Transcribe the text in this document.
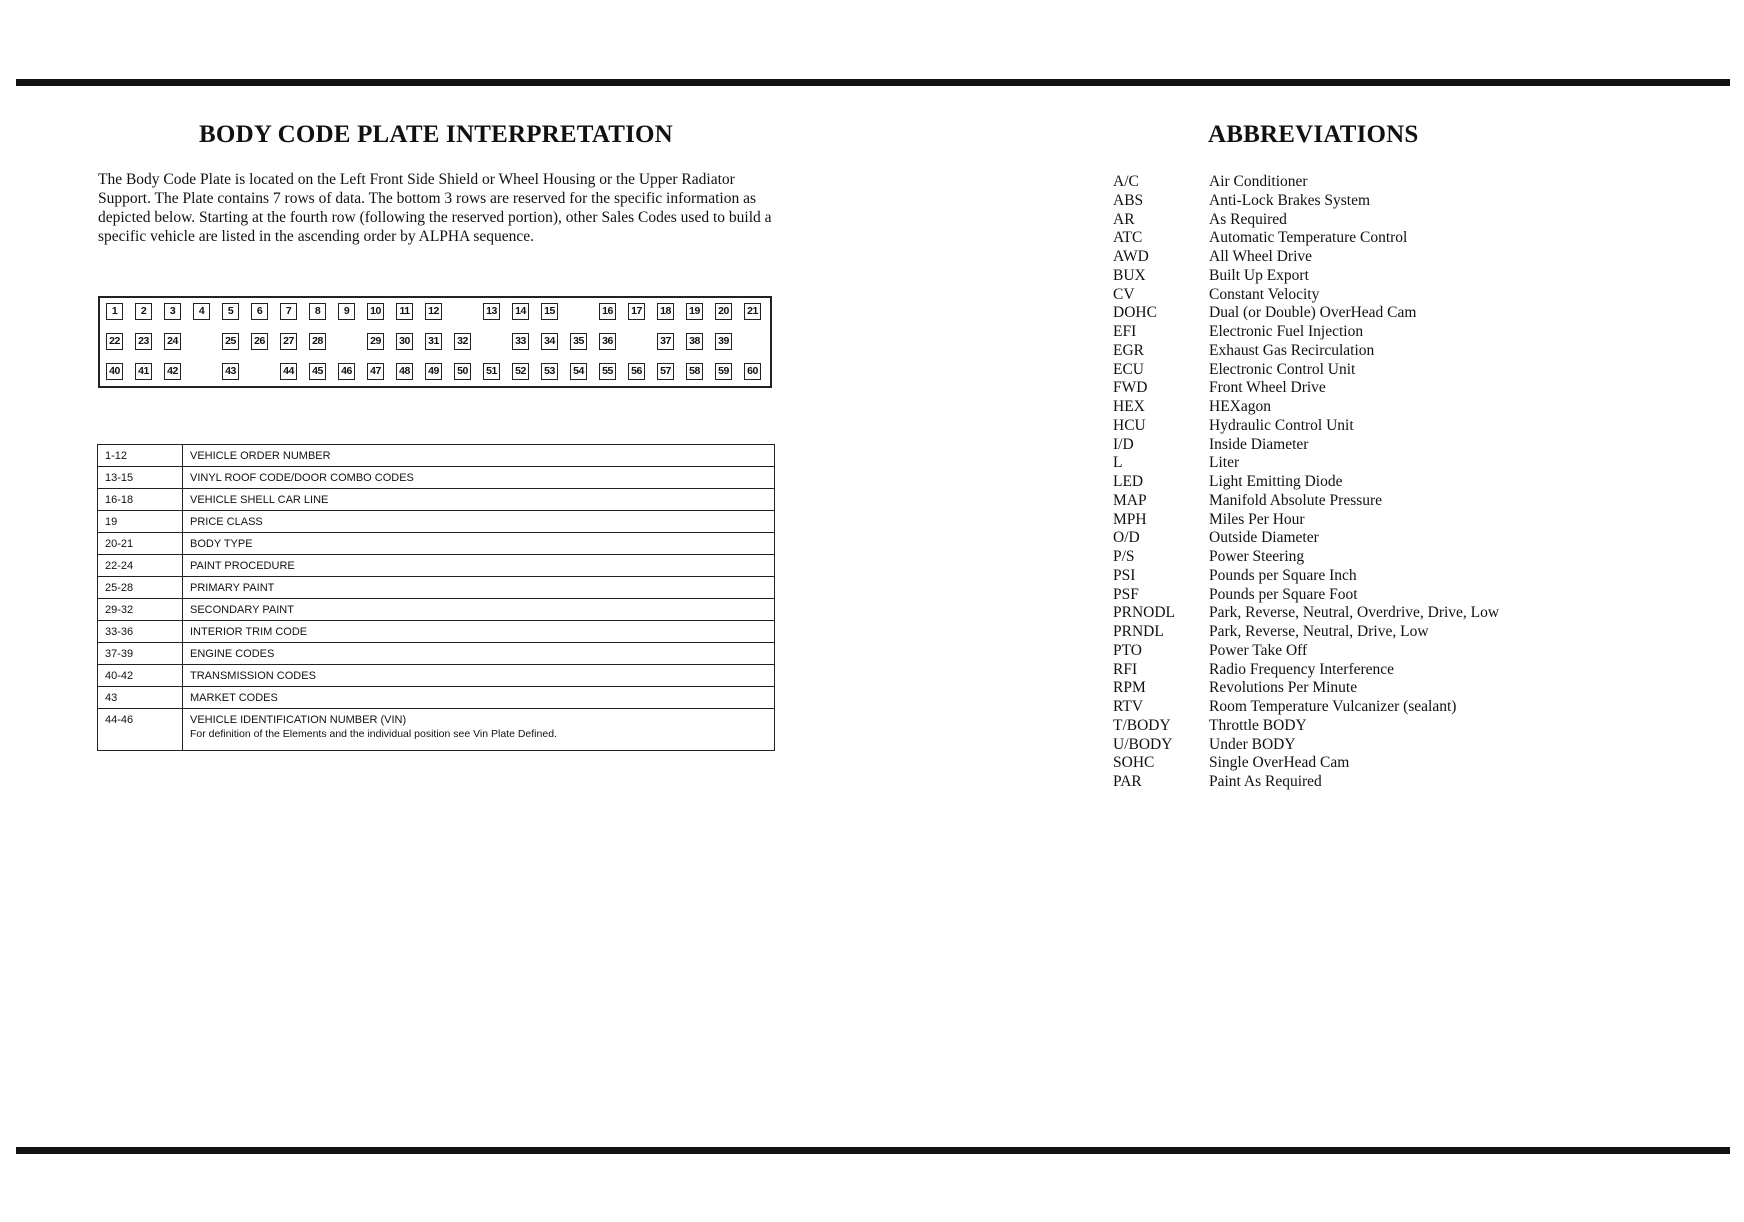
BODY CODE PLATE INTERPRETATION

The Body Code Plate is located on the Left Front Side Shield or Wheel Housing or the Upper Radiator Support. The Plate contains 7 rows of data. The bottom 3 rows are reserved for the specific information as depicted below. Starting at the fourth row (following the reserved portion), other Sales Codes used to build a specific vehicle are listed in the ascending order by ALPHA sequence.

1	2	3	4	5	6	7	8	9	10	11	12	13	14	15	16	17	18	19	20	21
22	23	24	25	26	27	28	29	30	31	32	33	34	35	36	37	38	39
40	41	42	43	44	45	46	47	48	49	50	51	52	53	54	55	56	57	58	59	60
1-12	VEHICLE ORDER NUMBER
13-15	VINYL ROOF CODE/DOOR COMBO CODES
16-18	VEHICLE SHELL CAR LINE
19	PRICE CLASS
20-21	BODY TYPE
22-24	PAINT PROCEDURE
25-28	PRIMARY PAINT
29-32	SECONDARY PAINT
33-36	INTERIOR TRIM CODE
37-39	ENGINE CODES
40-42	TRANSMISSION CODES
43	MARKET CODES
44-46	VEHICLE IDENTIFICATION NUMBER (VIN)
For definition of the Elements and the individual position see Vin Plate Defined.
ABBREVIATIONS
A/C	Air Conditioner
ABS	Anti-Lock Brakes System
AR	As Required
ATC	Automatic Temperature Control
AWD	All Wheel Drive
BUX	Built Up Export
CV	Constant Velocity
DOHC	Dual (or Double) OverHead Cam
EFI	Electronic Fuel Injection
EGR	Exhaust Gas Recirculation
ECU	Electronic Control Unit
FWD	Front Wheel Drive
HEX	HEXagon
HCU	Hydraulic Control Unit
I/D	Inside Diameter
L	Liter
LED	Light Emitting Diode
MAP	Manifold Absolute Pressure
MPH	Miles Per Hour
O/D	Outside Diameter
P/S	Power Steering
PSI	Pounds per Square Inch
PSF	Pounds per Square Foot
PRNODL Park, Reverse, Neutral, Overdrive, Drive, Low
PRNDL	Park, Reverse, Neutral, Drive, Low
PTO	Power Take Off
RFI	Radio Frequency Interference
RPM	Revolutions Per Minute
RTV	Room Temperature Vulcanizer (sealant)
T/BODY Throttle BODY
U/BODY Under BODY
SOHC	Single OverHead Cam
PAR	Paint As Required
